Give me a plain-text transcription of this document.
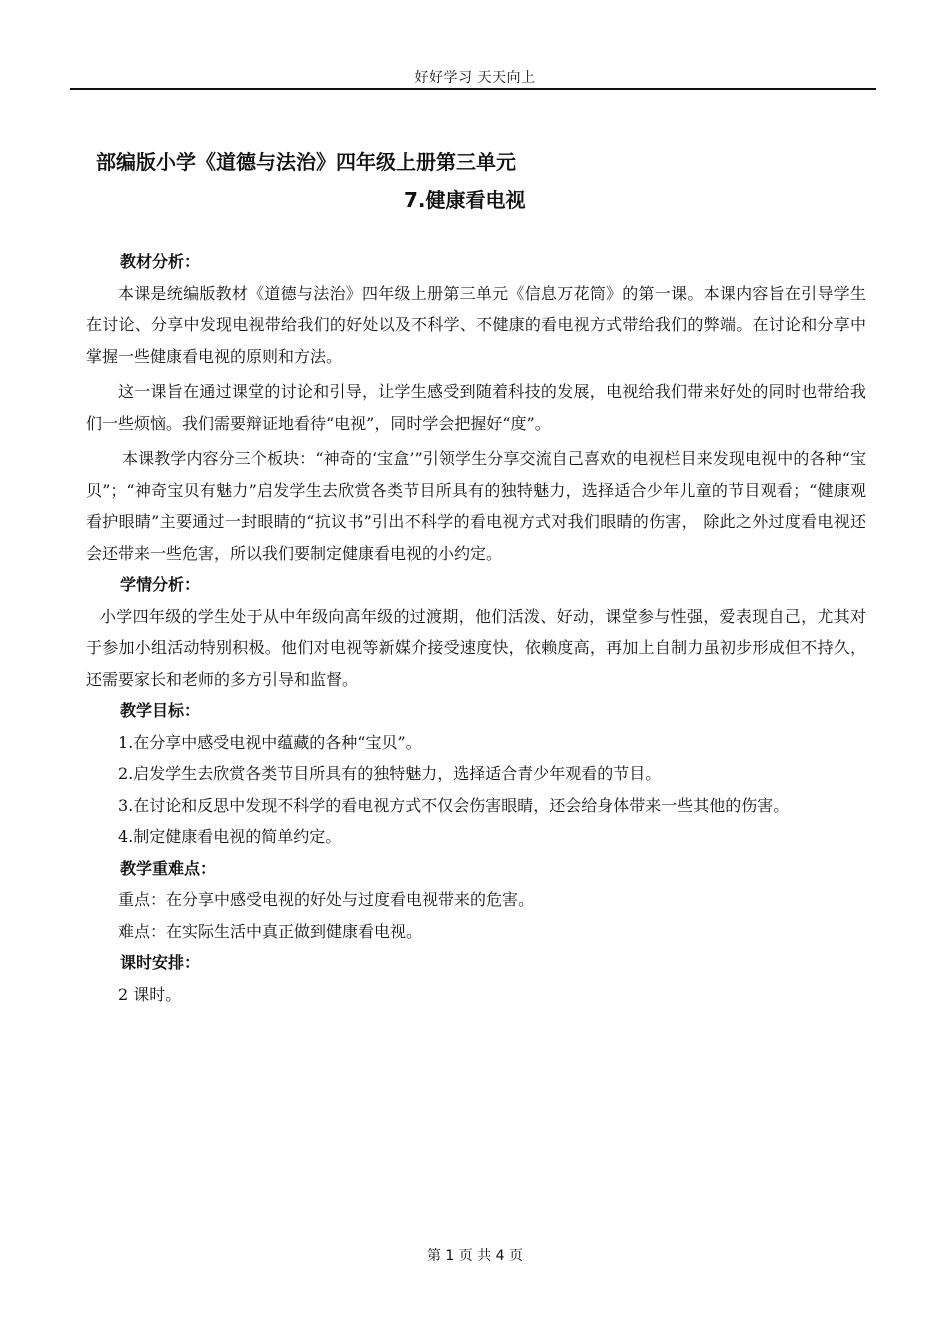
好好学习 天天向上
部编版小学《道德与法治》四年级上册第三单元
7.健康看电视

教材分析：

本课是统编版教材《道德与法治》四年级上册第三单元《信息万花筒》的第一课。本课内容旨在引导学生在讨论、分享中发现电视带给我们的好处以及不科学、不健康的看电视方式带给我们的弊端。在讨论和分享中掌握一些健康看电视的原则和方法。

这一课旨在通过课堂的讨论和引导，让学生感受到随着科技的发展，电视给我们带来好处的同时也带给我们一些烦恼。我们需要辩证地看待“电视”，同时学会把握好“度”。

本课教学内容分三个板块：“神奇的‘宝盒’”引领学生分享交流自己喜欢的电视栏目来发现电视中的各种“宝贝”；“神奇宝贝有魅力”启发学生去欣赏各类节目所具有的独特魅力，选择适合少年儿童的节目观看；“健康观看护眼睛”主要通过一封眼睛的“抗议书”引出不科学的看电视方式对我们眼睛的伤害， 除此之外过度看电视还会还带来一些危害，所以我们要制定健康看电视的小约定。

学情分析：

小学四年级的学生处于从中年级向高年级的过渡期，他们活泼、好动，课堂参与性强，爱表现自己，尤其对于参加小组活动特别积极。他们对电视等新媒介接受速度快，依赖度高，再加上自制力虽初步形成但不持久，还需要家长和老师的多方引导和监督。

教学目标：

1.在分享中感受电视中蕴藏的各种“宝贝”。

2.启发学生去欣赏各类节目所具有的独特魅力，选择适合青少年观看的节目。

3.在讨论和反思中发现不科学的看电视方式不仅会伤害眼睛，还会给身体带来一些其他的伤害。

4.制定健康看电视的简单约定。

教学重难点：

重点：在分享中感受电视的好处与过度看电视带来的危害。

难点：在实际生活中真正做到健康看电视。

课时安排：

2 课时。

第 1 页 共 4 页
